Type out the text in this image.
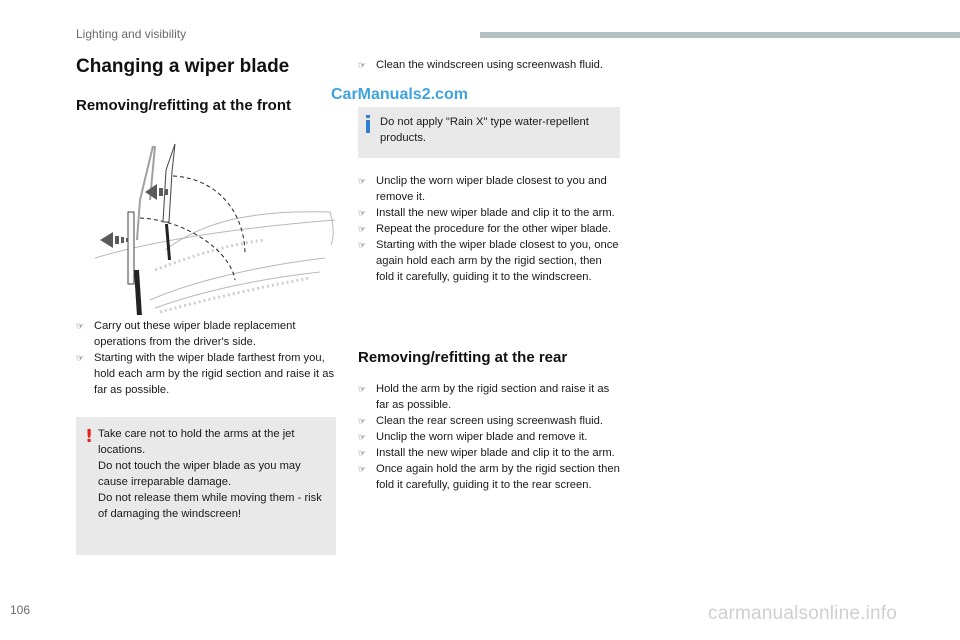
Lighting and visibility
Changing a wiper blade
Removing/refitting at the front
CarManuals2.com
☞ Carry out these wiper blade replacement operations from the driver's side.
☞ Starting with the wiper blade farthest from you, hold each arm by the rigid section and raise it as far as possible.
! Take care not to hold the arms at the jet locations.
Do not touch the wiper blade as you may cause irreparable damage.
Do not release them while moving them - risk of damaging the windscreen!
☞ Clean the windscreen using screenwash fluid.
Do not apply "Rain X" type water-repellent products.
☞ Unclip the worn wiper blade closest to you and remove it.
☞ Install the new wiper blade and clip it to the arm.
☞ Repeat the procedure for the other wiper blade.
☞ Starting with the wiper blade closest to you, once again hold each arm by the rigid section, then fold it carefully, guiding it to the windscreen.
Removing/refitting at the rear
☞ Hold the arm by the rigid section and raise it as far as possible.
☞ Clean the rear screen using screenwash fluid.
☞ Unclip the worn wiper blade and remove it.
☞ Install the new wiper blade and clip it to the arm.
☞ Once again hold the arm by the rigid section then fold it carefully, guiding it to the rear screen.
106	carmanualsonline.info
